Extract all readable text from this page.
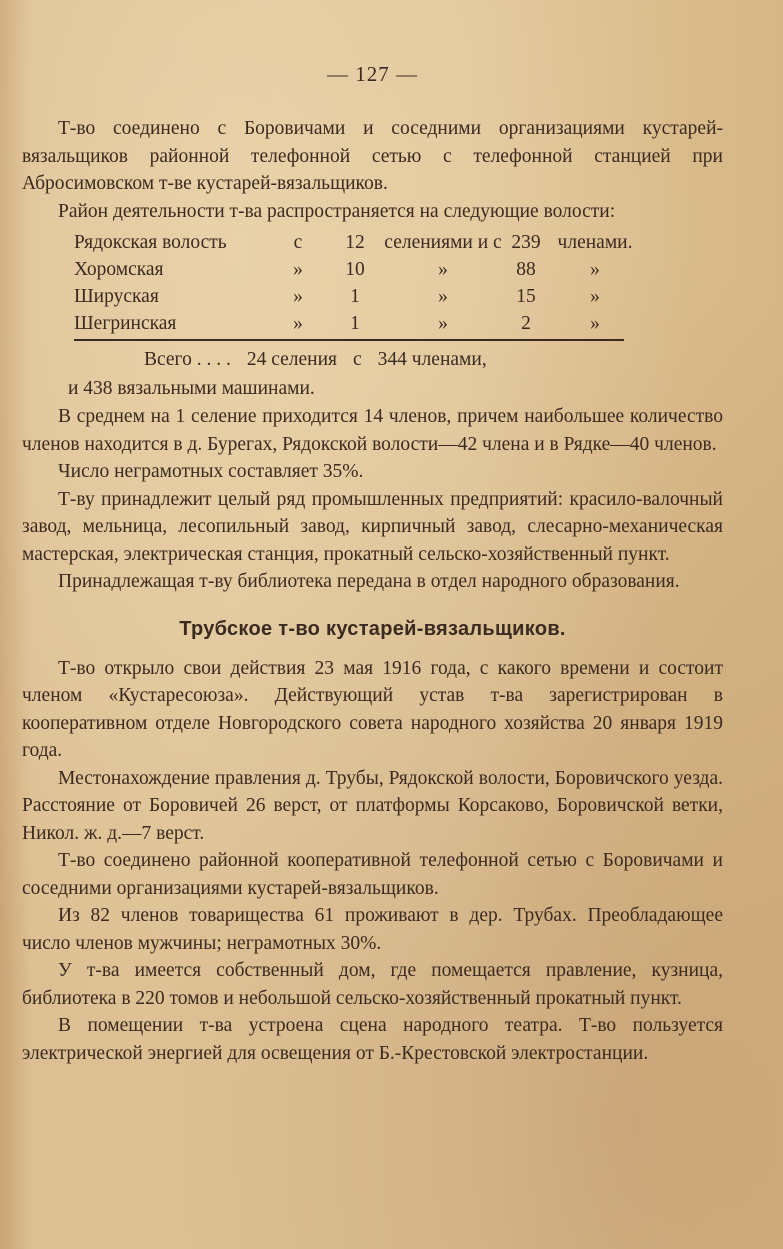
— 127 —

Т-во соединено с Боровичами и соседними организациями кустарей-вязальщиков районной телефонной сетью с телефонной станцией при Абросимовском т-ве кустарей-вязальщиков.

Район деятельности т-ва распространяется на следующие волости:

Рядокская волость	с	12	селениями и с 239 членами.
Хоромская	»	10	»	88	»
Шируская	»	1	»	15	»
Шегринская	»	1	»	2	»
Всего . . . . 24 селения с 344 членами,
и 438 вязальными машинами.

В среднем на 1 селение приходится 14 членов, причем наибольшее количество членов находится в д. Бурегах, Рядокской волости—42 члена и в Рядке—40 членов.

Число неграмотных составляет 35%.

Т-ву принадлежит целый ряд промышленных предприятий: красило-валочный завод, мельница, лесопильный завод, кирпичный завод, слесарно-механическая мастерская, электрическая станция, прокатный сельско-хозяйственный пункт.

Принадлежащая т-ву библиотека передана в отдел народного образования.

Трубское т-во кустарей-вязальщиков.

Т-во открыло свои действия 23 мая 1916 года, с какого времени и состоит членом «Кустаресоюза». Действующий устав т-ва зарегистрирован в кооперативном отделе Новгородского совета народного хозяйства 20 января 1919 года.

Местонахождение правления д. Трубы, Рядокской волости, Боровичского уезда. Расстояние от Боровичей 26 верст, от платформы Корсаково, Боровичской ветки, Никол. ж. д.—7 верст.

Т-во соединено районной кооперативной телефонной сетью с Боровичами и соседними организациями кустарей-вязальщиков.

Из 82 членов товарищества 61 проживают в дер. Трубах. Преобладающее число членов мужчины; неграмотных 30%.

У т-ва имеется собственный дом, где помещается правление, кузница, библиотека в 220 томов и небольшой сельско-хозяйственный прокатный пункт.

В помещении т-ва устроена сцена народного театра. Т-во пользуется электрической энергией для освещения от Б.-Крестовской электростанции.
